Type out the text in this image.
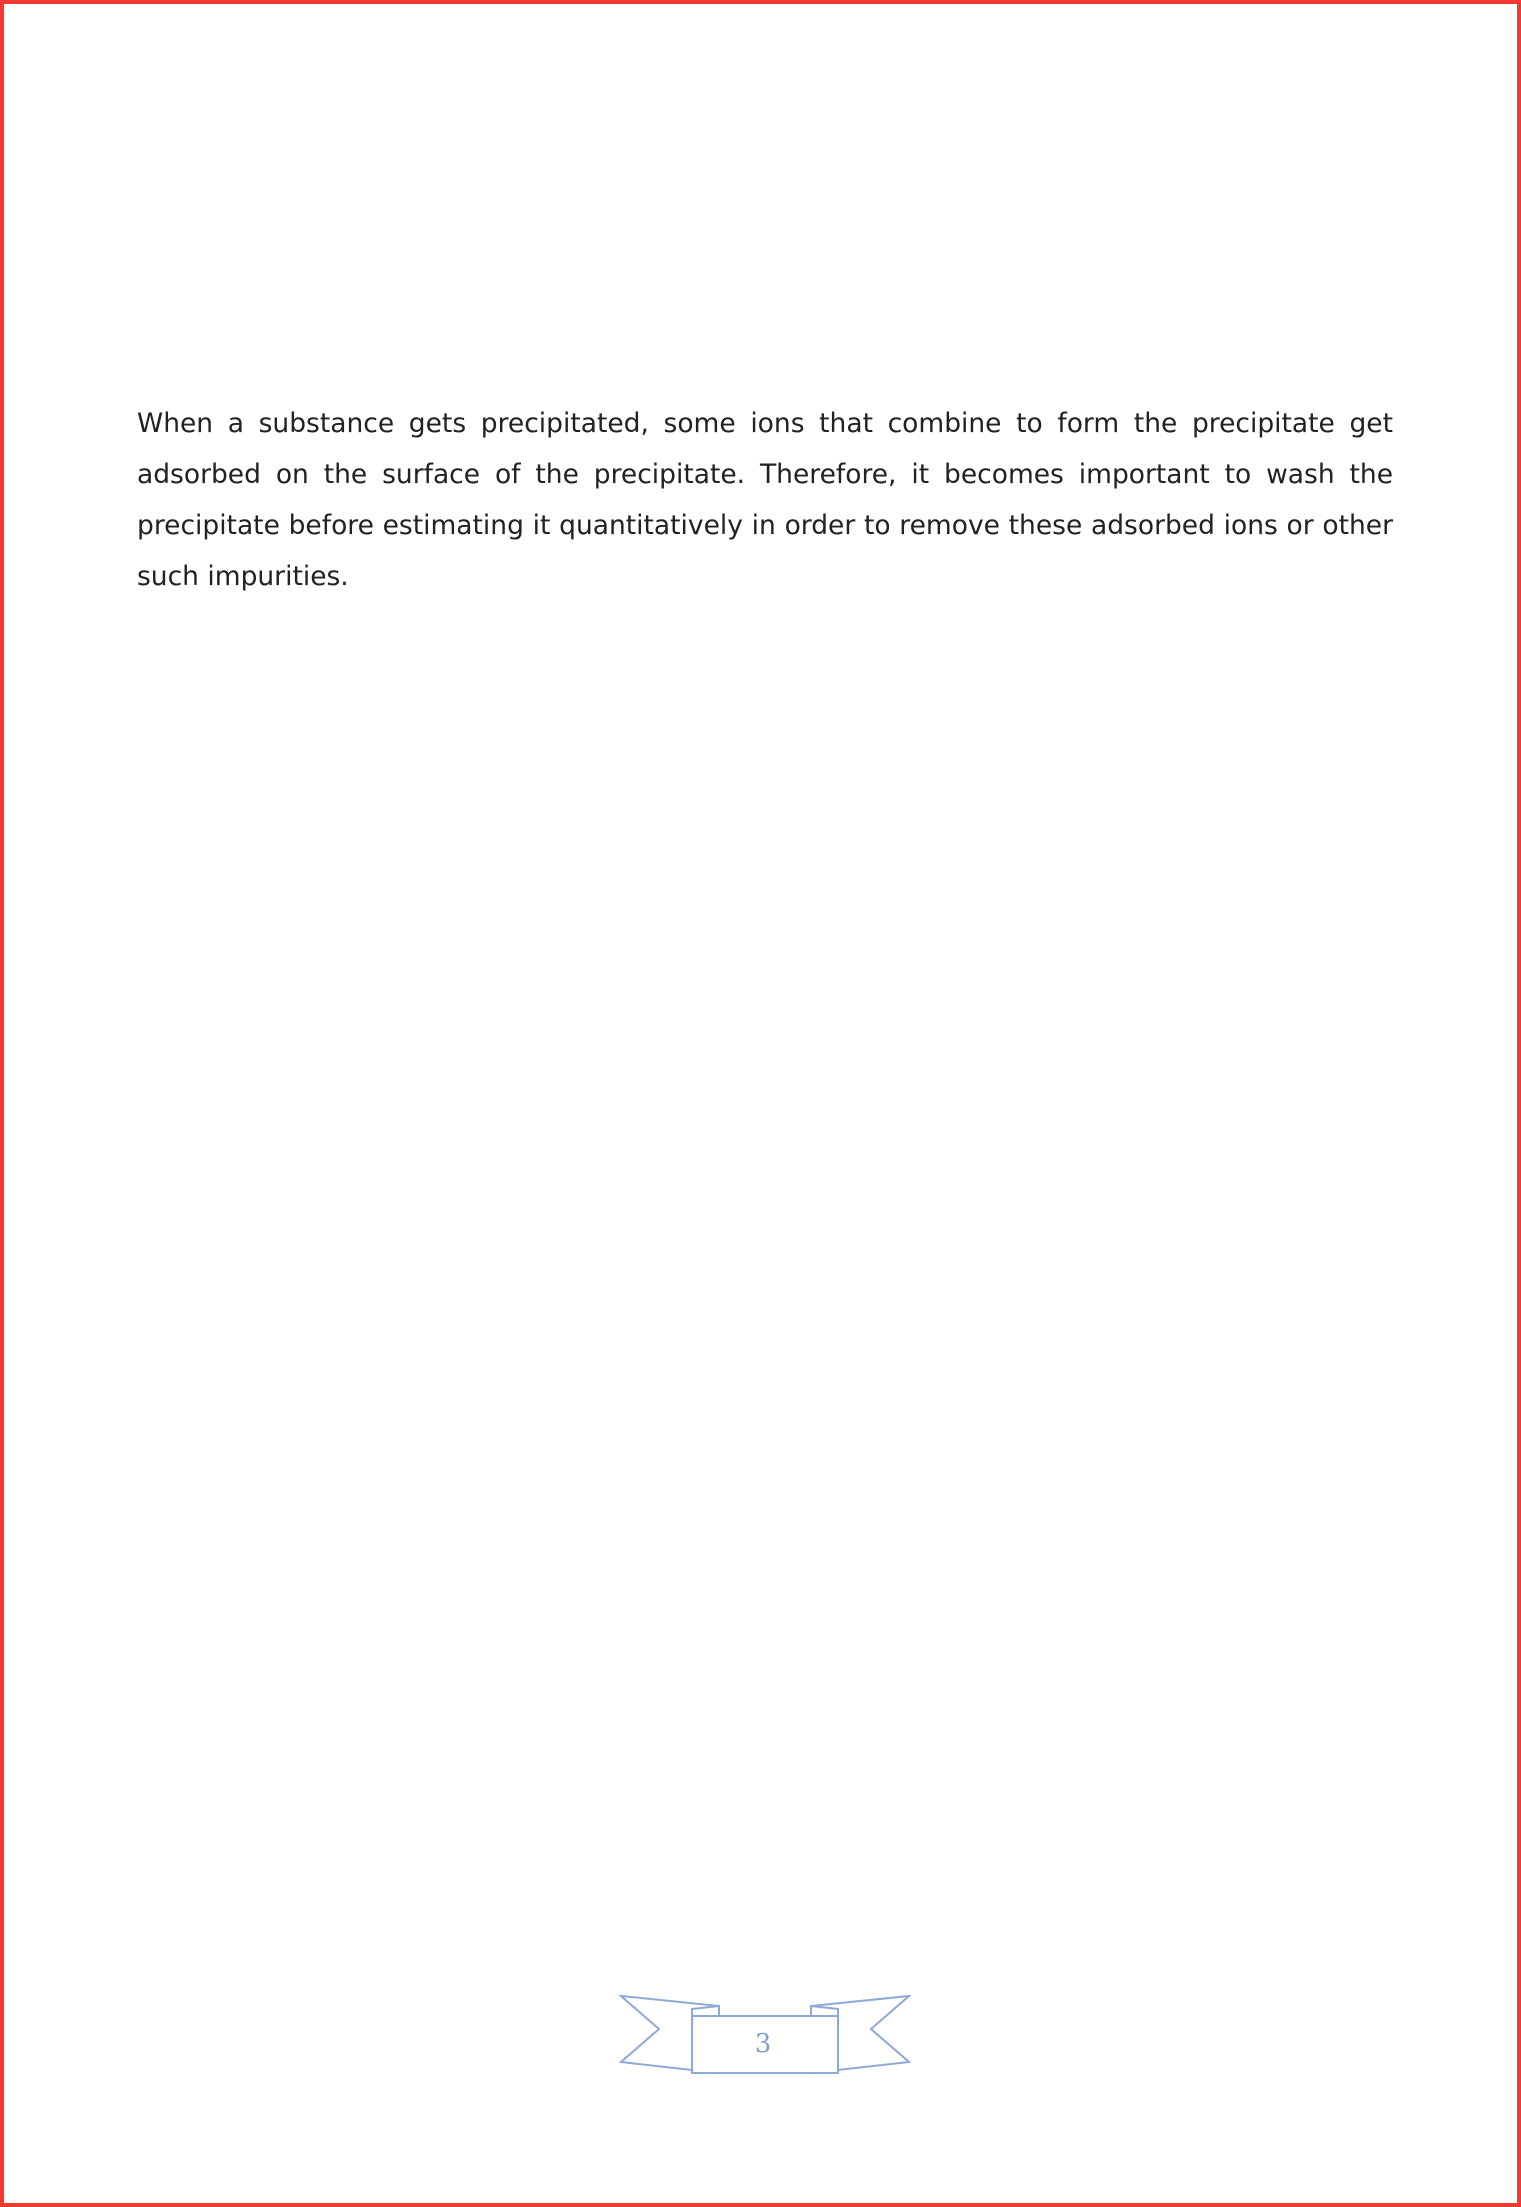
When a substance gets precipitated, some ions that combine to form the precipitate get adsorbed on the surface of the precipitate. Therefore, it becomes important to wash the precipitate before estimating it quantitatively in order to remove these adsorbed ions or other such impurities.

3
